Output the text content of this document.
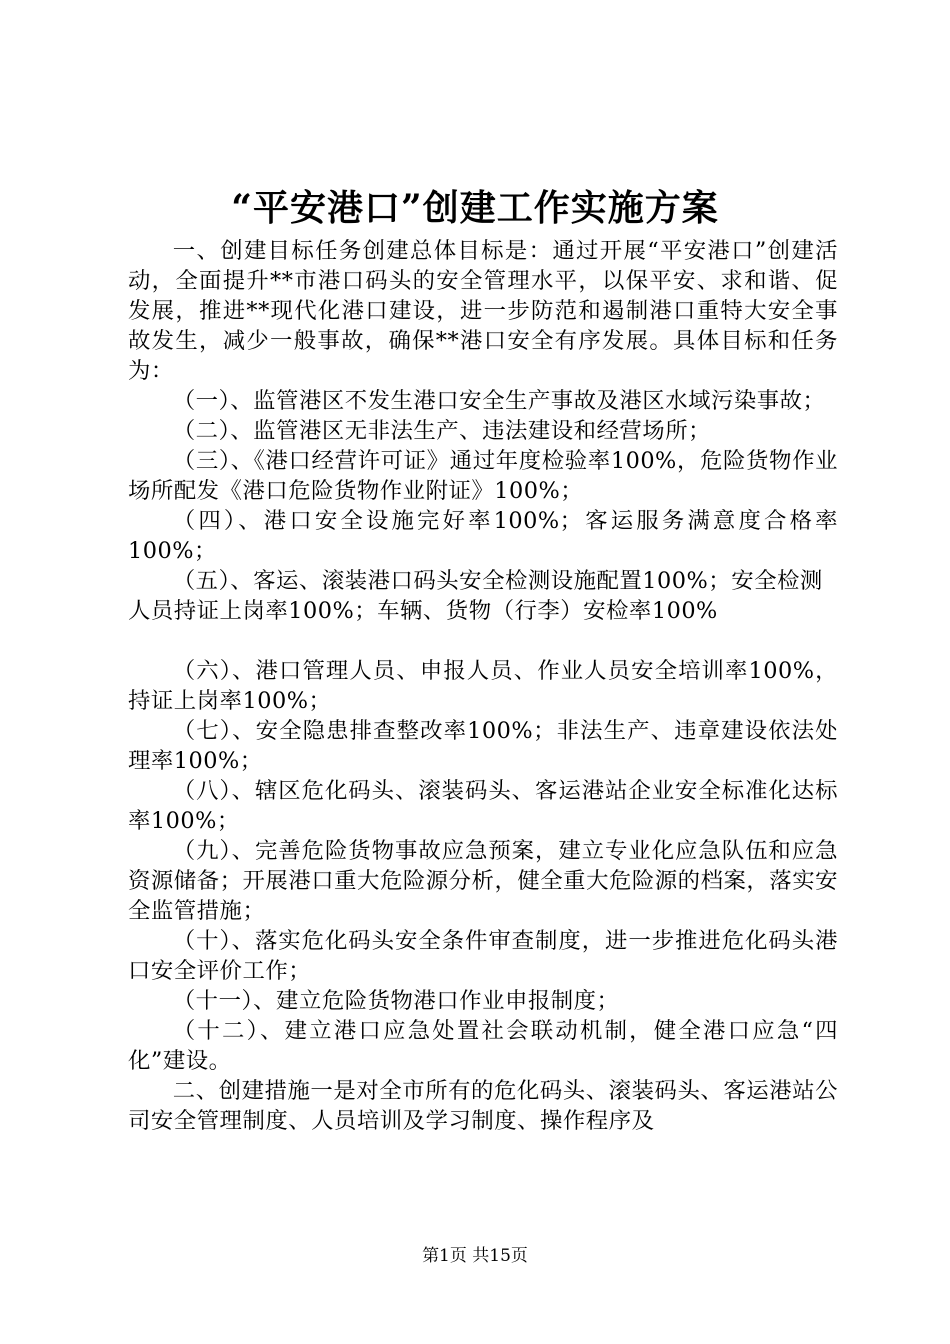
“平安港口”创建工作实施方案

一、创建目标任务创建总体目标是：通过开展“平安港口”创建活动，全面提升**市港口码头的安全管理水平，以保平安、求和谐、促发展，推进**现代化港口建设，进一步防范和遏制港口重特大安全事故发生，减少一般事故，确保**港口安全有序发展。具体目标和任务为：

（一）、监管港区不发生港口安全生产事故及港区水域污染事故；

（二）、监管港区无非法生产、违法建设和经营场所；

（三）、《港口经营许可证》通过年度检验率100%，危险货物作业场所配发《港口危险货物作业附证》100%；

（四）、港口安全设施完好率100%；客运服务满意度合格率100%；

（五）、客运、滚装港口码头安全检测设施配置100%；安全检测人员持证上岗率100%；车辆、货物（行李）安检率100%

（六）、港口管理人员、申报人员、作业人员安全培训率100%，持证上岗率100%；

（七）、安全隐患排查整改率100%；非法生产、违章建设依法处理率100%；

（八）、辖区危化码头、滚装码头、客运港站企业安全标准化达标率100%；

（九）、完善危险货物事故应急预案，建立专业化应急队伍和应急资源储备；开展港口重大危险源分析，健全重大危险源的档案，落实安全监管措施；

（十）、落实危化码头安全条件审查制度，进一步推进危化码头港口安全评价工作；

（十一）、建立危险货物港口作业申报制度；

（十二）、建立港口应急处置社会联动机制，健全港口应急“四化”建设。

二、创建措施一是对全市所有的危化码头、滚装码头、客运港站公司安全管理制度、人员培训及学习制度、操作程序及

第1页 共15页
